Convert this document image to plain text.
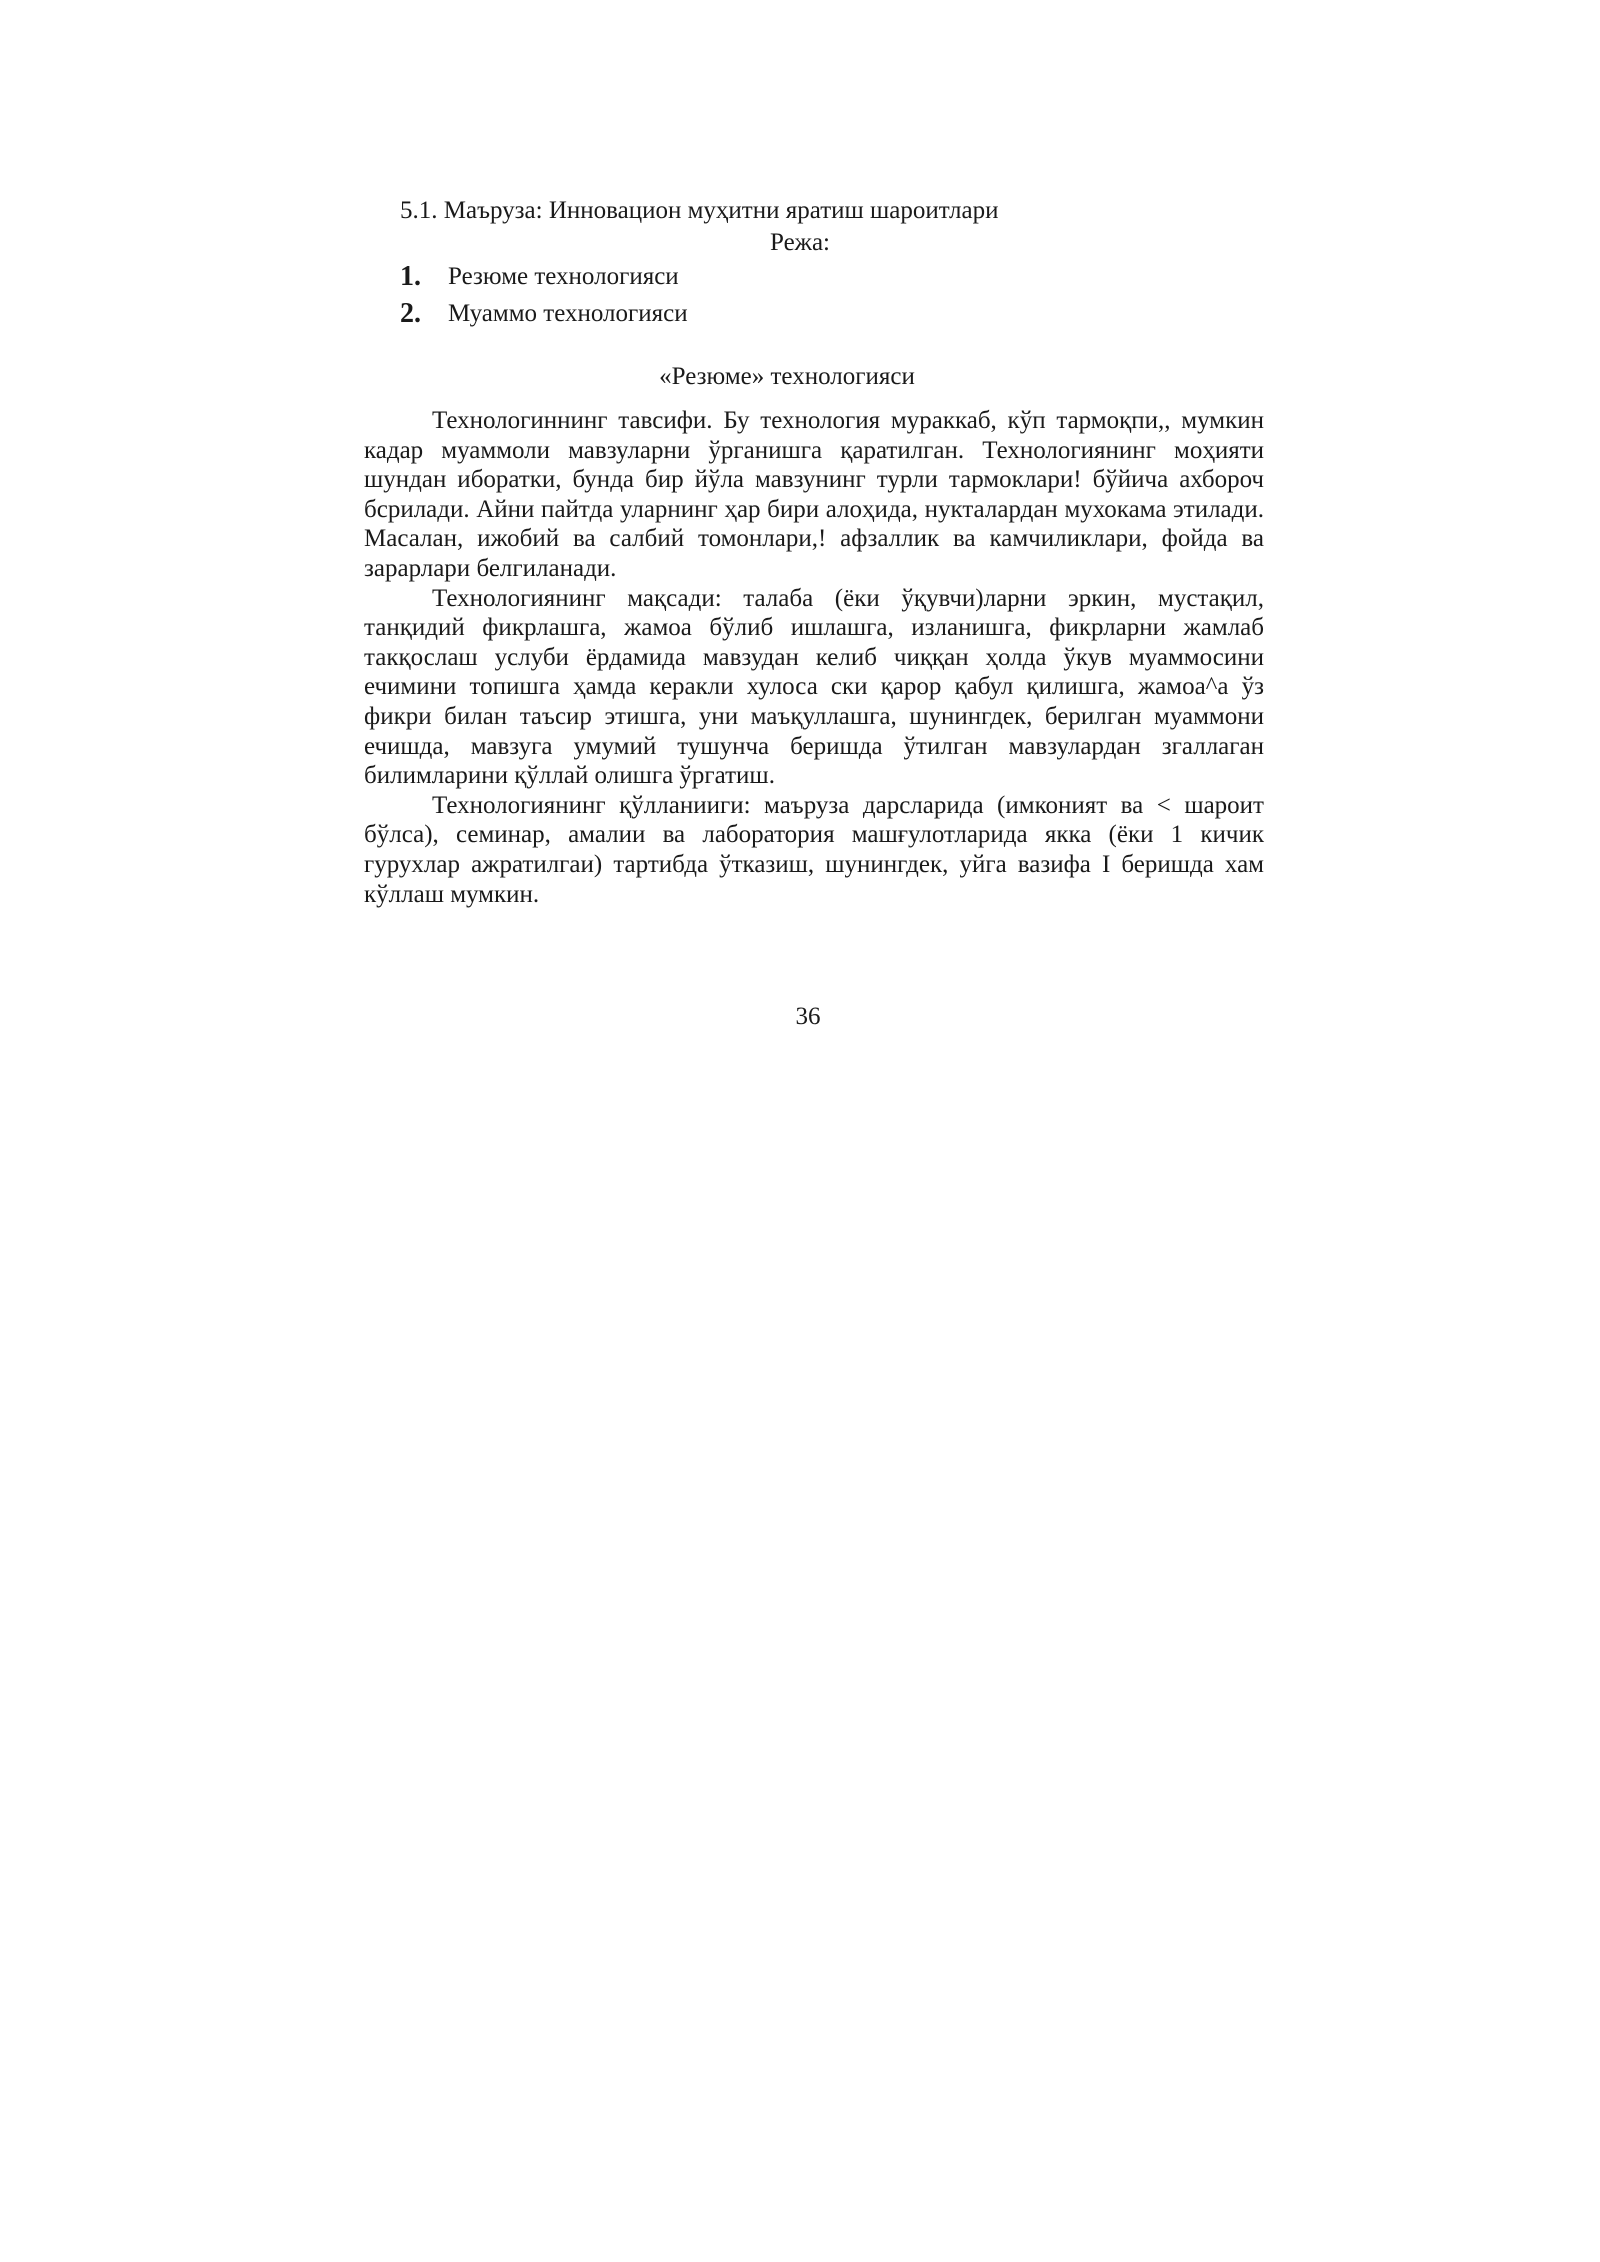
5.1. Маъруза: Инновацион муҳитни яратиш шароитлари
Режа:
1.	Резюме технологияси
2.	Муаммо технологияси
«Резюме» технологияси

Технологиннинг тавсифи. Бу технология мураккаб, кўп тармоқпи,, мумкин кадар муаммоли мавзуларни ўрганишга қаратилган. Технологиянинг моҳияти шундан иборатки, бунда бир йўла мавзунинг турли тармоклари! бўйича ахбороч бсрилади. Айни пайтда уларнинг ҳар бири алоҳида, нукталардан мухокама этилади. Масалан, ижобий ва салбий томонлари,! афзаллик ва камчиликлари, фойда ва зарарлари белгиланади.

Технологиянинг мақсади: талаба (ёки ўқувчи)ларни эркин, мустақил, танқидий фикрлашга, жамоа бўлиб ишлашга, изланишга, фикрларни жамлаб такқослаш услуби ёрдамида мавзудан келиб чиққан ҳолда ўкув муаммосини ечимини топишга ҳамда керакли хулоса ски қарор қабул қилишга, жамоа^а ўз фикри билан таъсир этишга, уни маъқуллашга, шунингдек, берилган муаммони ечишда, мавзуга умумий тушунча беришда ўтилган мавзулардан згаллаган билимларини қўллай олишга ўргатиш.

Технологиянинг қўлланииги: маъруза дарсларида (имконият ва < шароит бўлса), семинар, амалии ва лаборатория машғулотларида якка (ёки 1 кичик гурухлар ажратилгаи) тартибда ўтказиш, шунингдек, уйга вазифа I беришда хам кўллаш мумкин.

36
